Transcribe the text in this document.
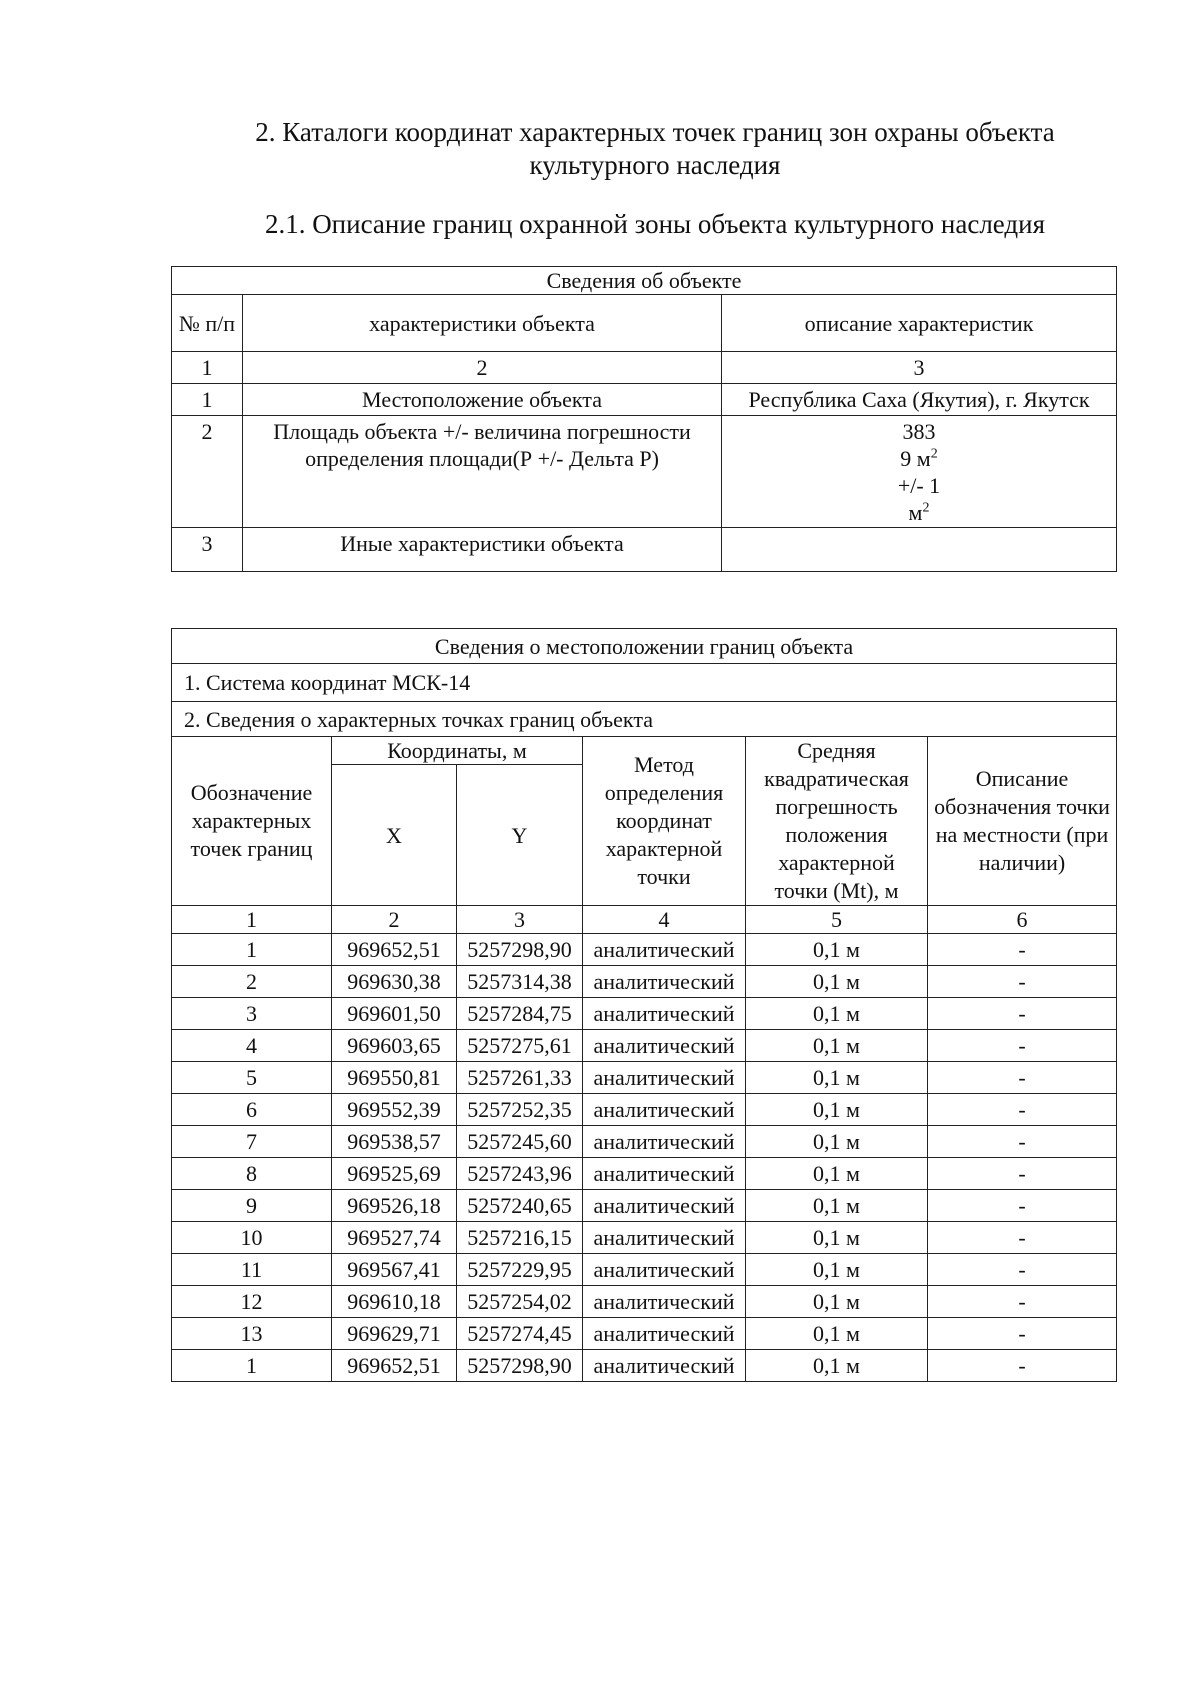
2. Каталоги координат характерных точек границ зон охраны объекта
культурного наследия
2.1. Описание границ охранной зоны объекта культурного наследия
Сведения об объекте		
№ п/п	характеристики объекта	описание характеристик
1	2	3
1	Местоположение объекта	Республика Саха (Якутия), г. Якутск
2	Площадь объекта +/- величина погрешности определения площади(Р +/- Дельта Р)	383
9 $м^2$
+/- 1
$м^2$

3	Иные характеристики объекта	
Сведения о местоположении границ объекта					
1. Система координат МСК-14					
2. Сведения о характерных точках границ объекта					
Обозначение характерных точек границ	Координаты, м		Метод определения координат характерной точки	Средняя квадратическая погрешность положения характерной точки (Mt), м	Описание обозначения точки на местности (при наличии)
	X	Y			
1	2	3	4	5	6
1	969652,51	5257298,90	аналитический	0,1 м	-
2	969630,38	5257314,38	аналитический	0,1 м	-
3	969601,50	5257284,75	аналитический	0,1 м	-
4	969603,65	5257275,61	аналитический	0,1 м	-
5	969550,81	5257261,33	аналитический	0,1 м	-
6	969552,39	5257252,35	аналитический	0,1 м	-
7	969538,57	5257245,60	аналитический	0,1 м	-
8	969525,69	5257243,96	аналитический	0,1 м	-
9	969526,18	5257240,65	аналитический	0,1 м	-
10	969527,74	5257216,15	аналитический	0,1 м	-
11	969567,41	5257229,95	аналитический	0,1 м	-
12	969610,18	5257254,02	аналитический	0,1 м	-
13	969629,71	5257274,45	аналитический	0,1 м	-
1	969652,51	5257298,90	аналитический	0,1 м	-
